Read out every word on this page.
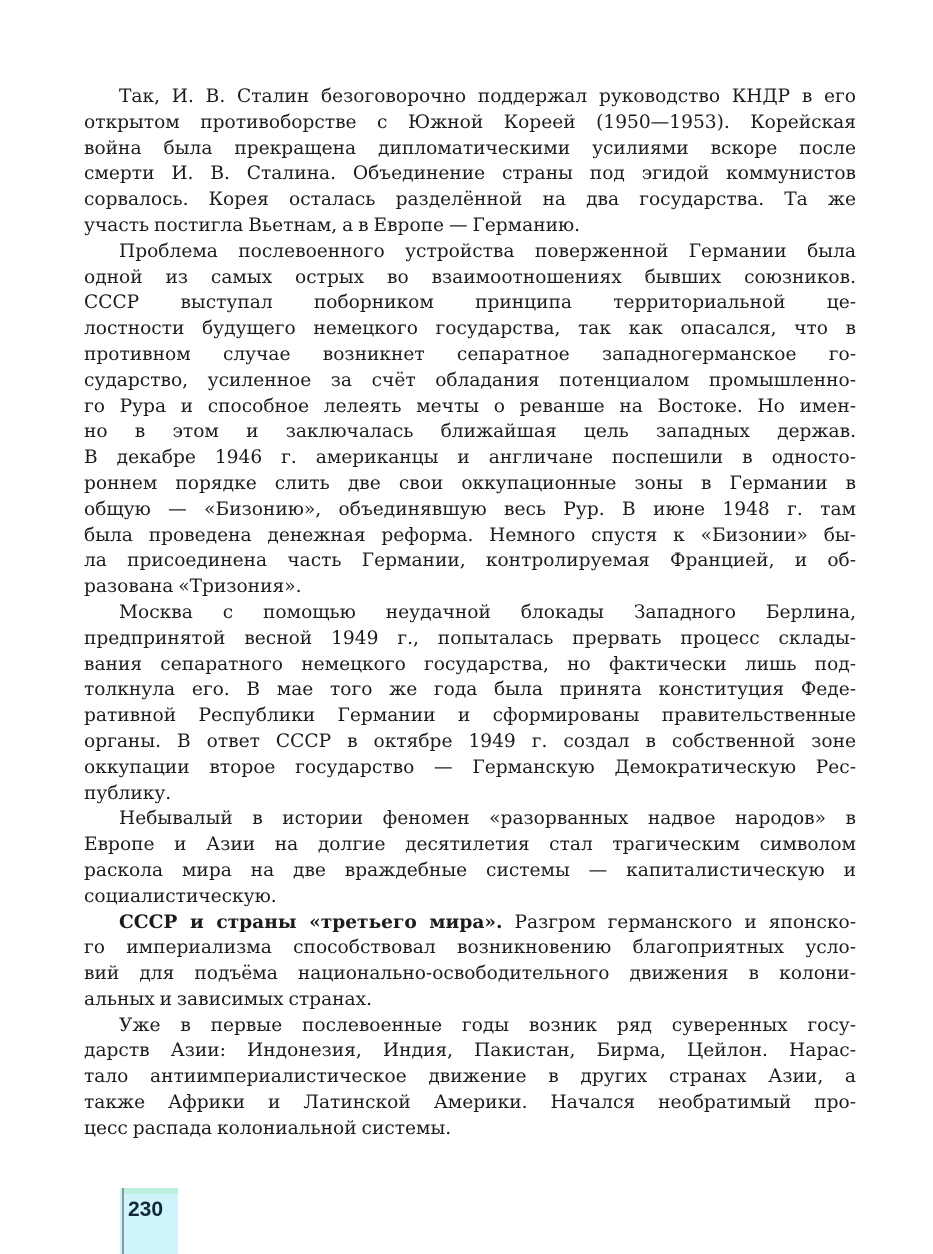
Так, И. В. Сталин безоговорочно поддержал руководство КНДР в его
открытом противоборстве с Южной Кореей (1950—1953). Корейская
война была прекращена дипломатическими усилиями вскоре после
смерти И. В. Сталина. Объединение страны под эгидой коммунистов
сорвалось. Корея осталась разделённой на два государства. Та же
участь постигла Вьетнам, а в Европе — Германию.
Проблема послевоенного устройства поверженной Германии была
одной из самых острых во взаимоотношениях бывших союзников.
СССР выступал поборником принципа территориальной це-
лостности будущего немецкого государства, так как опасался, что в
противном случае возникнет сепаратное западногерманское го-
сударство, усиленное за счёт обладания потенциалом промышленно-
го Рура и способное лелеять мечты о реванше на Востоке. Но имен-
но в этом и заключалась ближайшая цель западных держав.
В декабре 1946 г. американцы и англичане поспешили в односто-
роннем порядке слить две свои оккупационные зоны в Германии в
общую — «Бизонию», объединявшую весь Рур. В июне 1948 г. там
была проведена денежная реформа. Немного спустя к «Бизонии» бы-
ла присоединена часть Германии, контролируемая Францией, и об-
разована «Тризония».
Москва с помощью неудачной блокады Западного Берлина,
предпринятой весной 1949 г., попыталась прервать процесс склады-
вания сепаратного немецкого государства, но фактически лишь под-
толкнула его. В мае того же года была принята конституция Феде-
ративной Республики Германии и сформированы правительственные
органы. В ответ СССР в октябре 1949 г. создал в собственной зоне
оккупации второе государство — Германскую Демократическую Рес-
публику.
Небывалый в истории феномен «разорванных надвое народов» в
Европе и Азии на долгие десятилетия стал трагическим символом
раскола мира на две враждебные системы — капиталистическую и
социалистическую.
СССР и страны «третьего мира». Разгром германского и японско-
го империализма способствовал возникновению благоприятных усло-
вий для подъёма национально-освободительного движения в колони-
альных и зависимых странах.
Уже в первые послевоенные годы возник ряд суверенных госу-
дарств Азии: Индонезия, Индия, Пакистан, Бирма, Цейлон. Нарас-
тало антиимпериалистическое движение в других странах Азии, а
также Африки и Латинской Америки. Начался необратимый про-
цесс распада колониальной системы.
230
